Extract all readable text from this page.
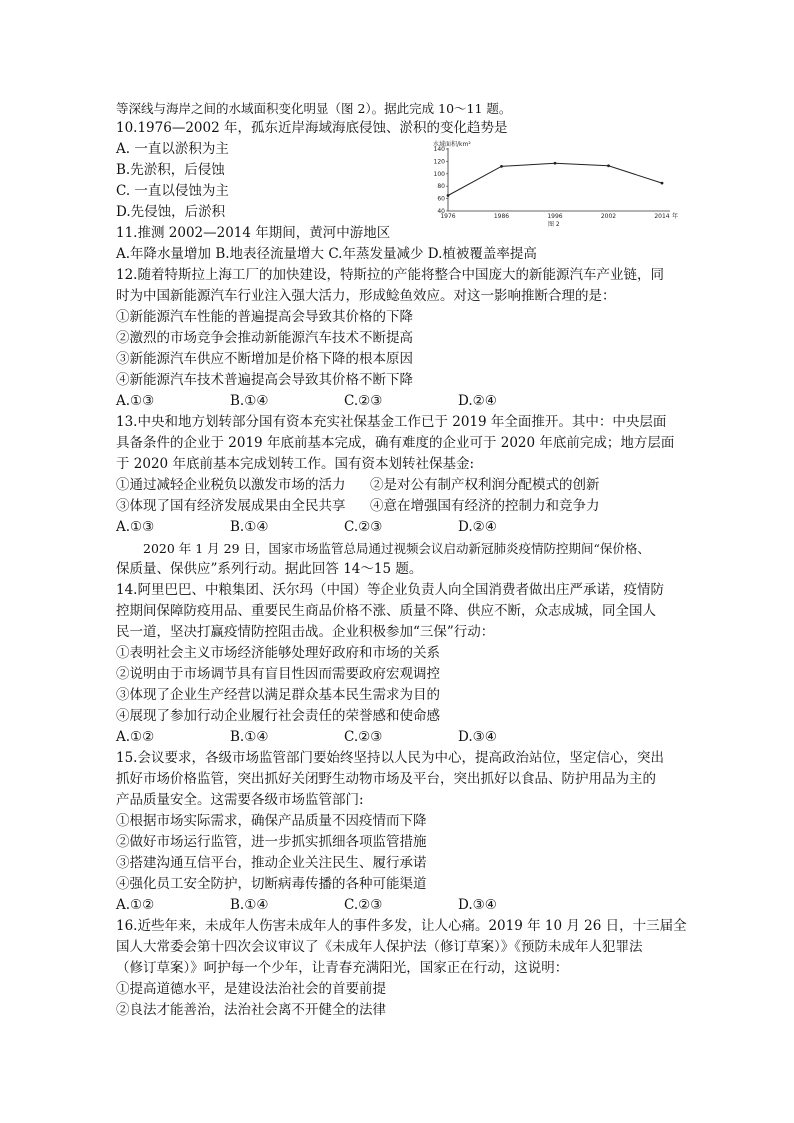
等深线与海岸之间的水域面积变化明显（图 2）。据此完成 10～11 题。
10.1976—2002 年，孤东近岸海域海底侵蚀、淤积的变化趋势是
A. 一直以淤积为主
B.先淤积，后侵蚀
C. 一直以侵蚀为主
D.先侵蚀，后淤积
水域面积/km²
40
60
80
100
120
140
1976	1986	1996	2002	2014 年
图 2
11.推测 2002—2014 年期间，黄河中游地区
A.年降水量增加 B.地表径流量增大 C.年蒸发量减少 D.植被覆盖率提高
12.随着特斯拉上海工厂的加快建设，特斯拉的产能将整合中国庞大的新能源汽车产业链，同
时为中国新能源汽车行业注入强大活力，形成鲶鱼效应。对这一影响推断合理的是：
①新能源汽车性能的普遍提高会导致其价格的下降
②激烈的市场竞争会推动新能源汽车技术不断提高
③新能源汽车供应不断增加是价格下降的根本原因
④新能源汽车技术普遍提高会导致其价格不断下降
A.①③	B.①④	C.②③	D.②④
13.中央和地方划转部分国有资本充实社保基金工作已于 2019 年全面推开。其中：中央层面
具备条件的企业于 2019 年底前基本完成，确有难度的企业可于 2020 年底前完成；地方层面
于 2020 年底前基本完成划转工作。国有资本划转社保基金:
①通过减轻企业税负以激发市场的活力 ②是对公有制产权利润分配模式的创新
③体现了国有经济发展成果由全民共享 ④意在增强国有经济的控制力和竞争力
A.①③	B.①④	C.②③	D.②④
2020 年 1 月 29 日，国家市场监管总局通过视频会议启动新冠肺炎疫情防控期间“保价格、
保质量、保供应”系列行动。据此回答 14～15 题。
14.阿里巴巴、中粮集团、沃尔玛（中国）等企业负责人向全国消费者做出庄严承诺，疫情防
控期间保障防疫用品、重要民生商品价格不涨、质量不降、供应不断，众志成城，同全国人
民一道，坚决打赢疫情防控阻击战。企业积极参加“三保”行动：
①表明社会主义市场经济能够处理好政府和市场的关系
②说明由于市场调节具有盲目性因而需要政府宏观调控
③体现了企业生产经营以满足群众基本民生需求为目的
④展现了参加行动企业履行社会责任的荣誉感和使命感
A.①②	B.①④	C.②③	D.③④
15.会议要求，各级市场监管部门要始终坚持以人民为中心，提高政治站位，坚定信心，突出
抓好市场价格监管，突出抓好关闭野生动物市场及平台，突出抓好以食品、防护用品为主的
产品质量安全。这需要各级市场监管部门:
①根据市场实际需求，确保产品质量不因疫情而下降
②做好市场运行监管，进一步抓实抓细各项监管措施
③搭建沟通互信平台，推动企业关注民生、履行承诺
④强化员工安全防护，切断病毒传播的各种可能渠道
A.①②	B.①④	C.②③	D.③④
16.近些年来，未成年人伤害未成年人的事件多发，让人心痛。2019 年 10 月 26 日，十三届全
国人大常委会第十四次会议审议了《未成年人保护法（修订草案）》《预防未成年人犯罪法
（修订草案）》呵护每一个少年，让青春充满阳光，国家正在行动，这说明：
①提高道德水平，是建设法治社会的首要前提
②良法才能善治，法治社会离不开健全的法律
